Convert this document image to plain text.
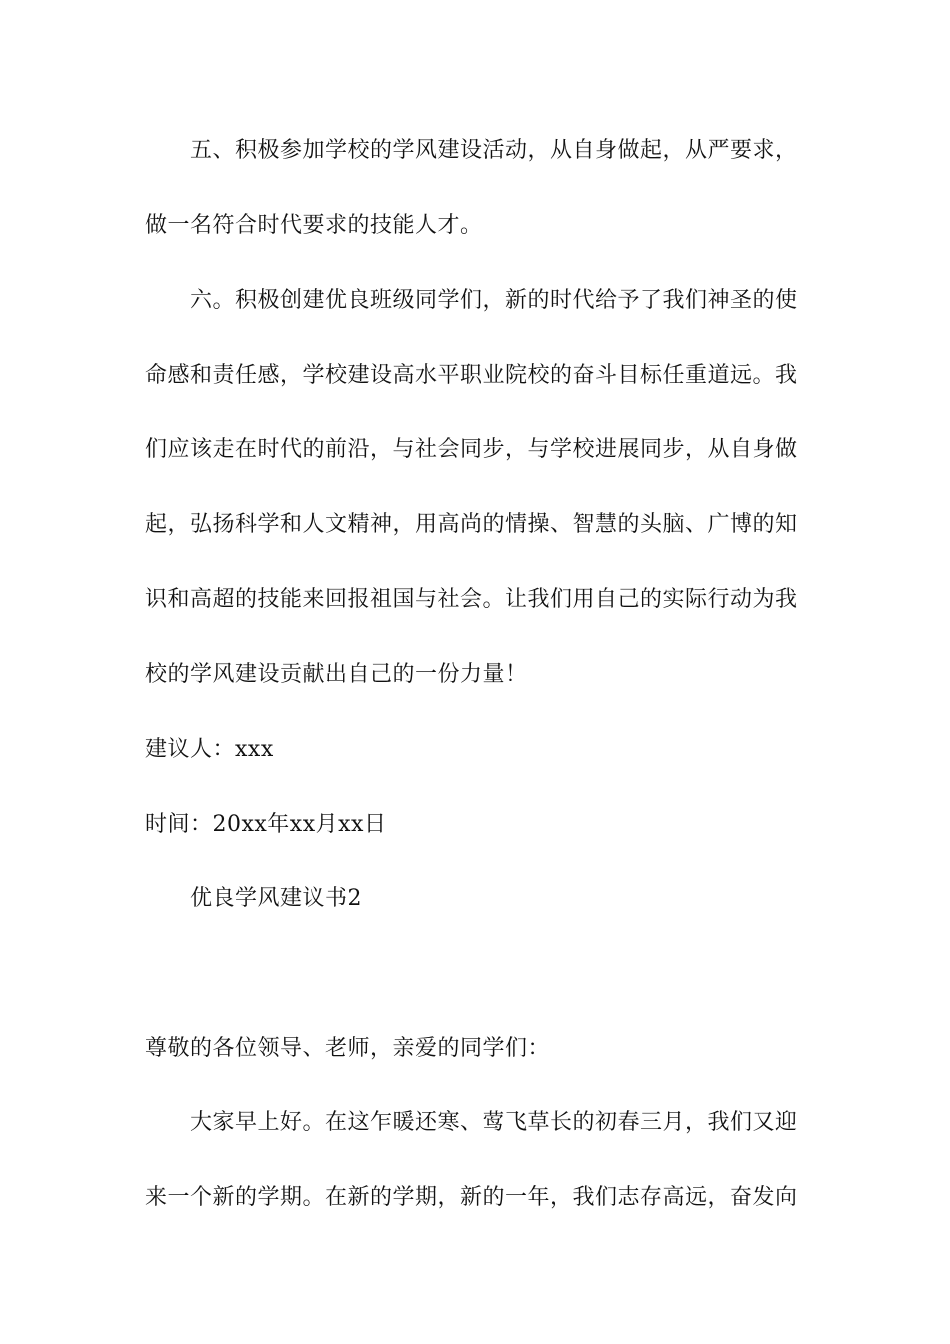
五、积极参加学校的学风建设活动，从自身做起，从严要求，
做一名符合时代要求的技能人才。
六。积极创建优良班级同学们，新的时代给予了我们神圣的使
命感和责任感，学校建设高水平职业院校的奋斗目标任重道远。我
们应该走在时代的前沿，与社会同步，与学校进展同步，从自身做
起，弘扬科学和人文精神，用高尚的情操、智慧的头脑、广博的知
识和高超的技能来回报祖国与社会。让我们用自己的实际行动为我
校的学风建设贡献出自己的一份力量！
建议人：xxx
时间：20xx年xx月xx日
优良学风建议书2
尊敬的各位领导、老师，亲爱的同学们：
大家早上好。在这乍暖还寒、莺飞草长的初春三月，我们又迎
来一个新的学期。在新的学期，新的一年，我们志存高远，奋发向
